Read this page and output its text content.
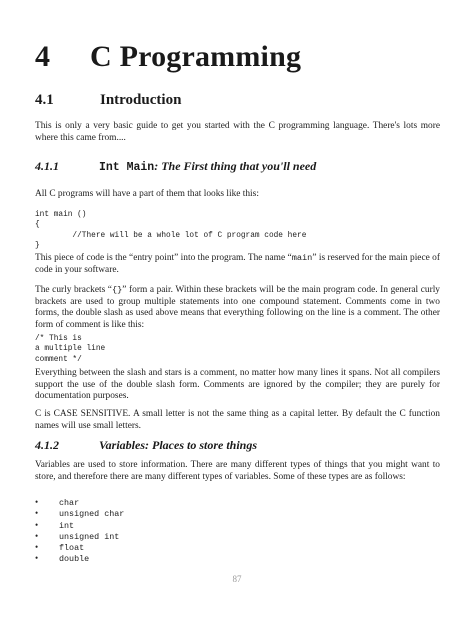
4 C Programming
4.1	Introduction
This is only a very basic guide to get you started with the C programming language. There's lots more where this came from....
4.1.1	Int Main: The First thing that you'll need
All C programs will have a part of them that looks like this:
int main ()
{
//There will be a whole lot of C program code here
}
This piece of code is the “entry point” into the program. The name “main” is reserved for the main piece of code in your software.
The curly brackets “{}” form a pair. Within these brackets will be the main program code. In general curly brackets are used to group multiple statements into one compound statement. Comments come in two forms, the double slash as used above means that everything following on the line is a comment. The other form of comment is like this:
/* This is
a multiple line
comment */
Everything between the slash and stars is a comment, no matter how many lines it spans. Not all compilers support the use of the double slash form. Comments are ignored by the compiler; they are purely for documentation purposes.
C is CASE SENSITIVE. A small letter is not the same thing as a capital letter. By default the C function names will use small letters.
4.1.2	Variables: Places to store things
Variables are used to store information. There are many different types of things that you might want to store, and therefore there are many different types of variables. Some of these types are as follows:
• char
• unsigned char
• int
• unsigned int
• float
• double
87
